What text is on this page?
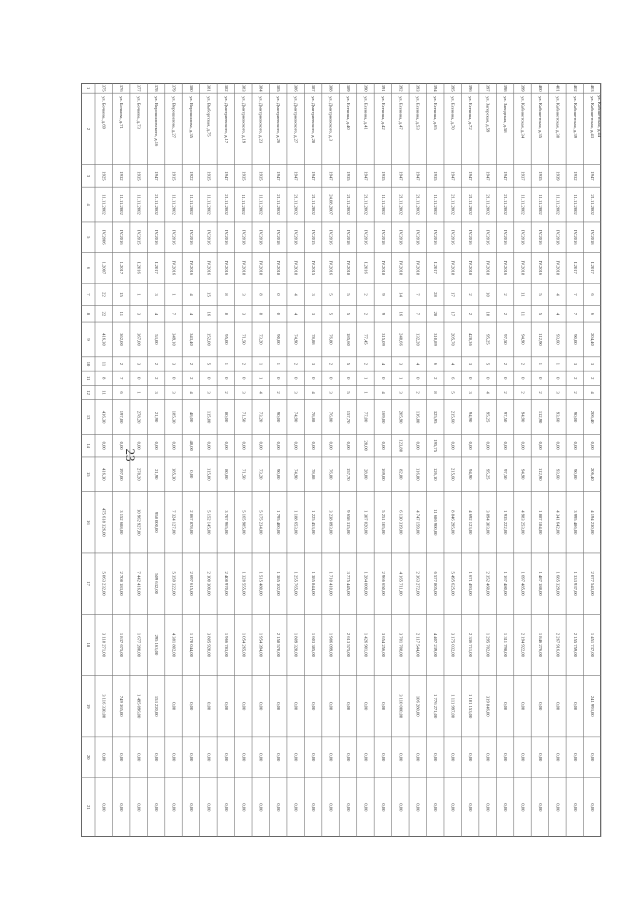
23
1
2
3
4
5
6
7
8
9
10
11
12
13
14
15
16
17
18
19
20
21
375
ул. Бочкова, д.69
1925
11.11.2002
IV.2006
1.2007
22
22
416,30
11
8
11
416,30
0,00
416,30
475 618 326,00
5 063 232,00
3 118 271,00
3 116 330,00
0,00
0,00
376
ул. Бочкова, д.71
1932
11.11.2002
IV.2016
1.2017
15
11
362,00
2
7
6
197,00
0,00
197,00
3 152 688,00
2 708 183,00
1 837 675,00
749 365,00
0,00
0,00
377
ул. Бочкова, д.73
1935
11.11.2002
IV.2015
I.2016
1
3
367,00
3
0
1
278,20
0,00
278,20
10 962 927,00
7 442 416,00
1 677 200,00
1 495 096,00
0,00
0,00
378
ул. Ворошиловского, д.16
1947
21.11.2002
IV.2016
I.2017
3
4
53,00
2
2
3
21,90
0,00
21,90
958 000,00
509 632,00
295 163,00
153 220,00
0,00
0,00
379
ул. Ворошилова, д.27
1915
11.11.2002
IV.2016
IV.2016
1
7
349,10
3
0
3
185,30
0,00
185,30
7 324 127,00
5 359 322,00
4 381 802,00
0,00
0,00
0,00
380
ул. Ворошилова, д.35
1922
11.11.2002
IV.2016
IV.2016
4
4
343,40
2
2
4
48,00
48,00
0,00
2 867 878,00
2 697 615,00
1 170 044,00
0,00
0,00
0,00
381
ул. Выборгская, д.75
1935
11.11.2002
IV.2016
IV.2016
15
16
152,00
5
0
3
115,00
0,00
115,00
5 152 145,00
2 100 300,00
3 805 920,00
0,00
0,00
0,00
382
ул. Дмитриевского, д.17
1947
21.11.2002
IV.2016
IV.2016
8
8
95,00
1
0
2
80,00
0,00
80,00
3 707 965,00
2 408 970,00
1 966 783,00
0,00
0,00
0,00
383
ул. Дмитриевского, д.19
1935
11.11.2002
IV.2018
IV.2018
3
3
71,50
2
0
3
71,50
0,00
71,50
5 165 985,00
1 328 555,00
1 054 265,00
0,00
0,00
0,00
384
ул. Дмитриевского, д.23
1935
11.11.2002
IV.2018
IV.2018
8
8
73,20
1
1
4
73,20
0,00
73,20
5 175 234,00
1 515 480,00
1 954 394,00
0,00
0,00
0,00
385
ул. Дмитриевского, д.26
1947
21.11.2002
IV.2018
IV.2018
0
0
90,00
1
0
2
90,00
0,00
90,00
1 795 400,00
1 385 102,00
2 158 570,00
0,00
0,00
0,00
386
ул. Дмитриевского, д.27
1947
21.11.2002
IV.2018
IV.2018
4
4
74,90
2
0
3
74,90
0,00
74,90
1 188 653,00
1 255 765,00
1 809 328,00
0,00
0,00
0,00
387
ул. Дмитриевского, д.28
1947
21.11.2002
IV.2015
IV.2015
3
3
78,88
3
0
4
78,88
0,00
78,88
1 225 453,00
1 385 844,00
1 603 385,00
0,00
0,00
0,00
388
ул. Дмитриевского, д.3
1947
24.08.2007
IV.2016
IV.2016
5
5
76,80
2
0
3
76,80
0,00
76,80
3 238 893,00
1 710 410,00
1 986 099,00
0,00
0,00
0,00
389
ул. Есенина, д.40
1935
21.11.2002
IV.2018
IV.2018
5
5
185,60
5
0
5
157,70
0,00
157,70
9 658 315,00
3 775 445,00
2 613 575,00
0,00
0,00
0,00
390
ул. Есенина, д.41
1947
21.11.2002
IV.2016
I.2016
2
2
77,45
2
1
1
77,00
28,00
28,00
1 307 020,00
1 284 000,00
1 426 901,00
0,00
0,00
0,00
391
ул. Есенина, д.42
1935
11.11.2002
IV.2018
IV.2018
9
9
315,09
4
0
4
169,00
0,00
169,00
5 251 105,00
2 966 650,00
3 654 256,00
0,00
0,00
0,00
392
ул. Есенина, д.47
1947
21.11.2002
IV.2018
IV.2018
14
16
248,66
3
1
3
205,90
123,80
82,80
6 130 319,00
4 165 711,00
3 701 708,00
3 110 000,00
0,00
0,00
393
ул. Есенина, д.53
1947
21.11.2002
IV.2018
IV.2018
7
7
132,20
4
0
2
116,80
0,00
116,80
4 747 159,00
2 363 272,00
2 117 544,00
106 280,00
0,00
0,00
394
ул. Есенина, д.65
1935
11.11.2002
IV.2016
I.2017
28
28
310,89
6
2
8
325,95
195,75
126,10
11 686 900,00
6 577 805,00
4 407 239,00
1 776 271,00
0,00
0,00
395
ул. Есенина, д.70
1947
21.11.2002
IV.2016
IV.2018
17
17
205,70
4
6
5
215,60
0,00
215,60
8 846 295,00
5 495 625,00
3 175 032,00
1 111 997,00
0,00
0,00
396
ул. Есенина, д.72
1947
21.11.2002
IV.2016
IV.2018
2
2
428,36
3
0
3
94,90
0,00
94,90
4 692 123,00
1 671 493,00
2 336 711,00
1 101 153,00
0,00
0,00
397
ул. Загорская, д.59
1947
21.11.2002
IV.2016
IV.2018
10
10
95,25
5
0
4
95,25
0,00
95,25
3 894 303,00
2 352 460,00
1 295 702,00
319 846,00
0,00
0,00
398
ул. Заводская, д.58
1947
21.11.2002
IV.2016
IV.2016
2
2
97,50
2
0
2
97,50
0,00
97,50
1 935 222,00
1 167 480,00
1 311 798,00
0,00
0,00
0,00
399
ул. Кабинетская, д.34
1937
11.11.2002
IV.2018
IV.2018
11
11
94,90
2
0
2
94,90
0,00
94,90
4 983 253,00
1 697 485,00
2 194 922,00
0,00
0,00
0,00
400
ул. Кабинетская, д.35
1935
11.11.2002
IV.2016
IV.2016
5
5
112,90
1
0
2
112,90
0,00
112,90
1 887 184,00
1 487 188,00
1 846 276,00
0,00
0,00
0,00
401
ул. Кабинетская, д.38
1939
11.11.2002
IV.2018
IV.2018
4
4
93,60
1
0
3
93,60
0,00
93,60
4 341 642,00
1 685 329,00
2 267 916,00
0,00
0,00
0,00
402
ул. Кабинетская, д.39
1932
11.11.2002
IV.2016
I.2017
7
7
90,00
3
2
2
90,00
0,00
90,00
3 995 486,00
1 333 937,00
2 155 759,00
0,00
0,00
0,00
403
ул. Кабинетская, д.43
1947
21.11.2002
IV.2018
I.2017
6
6
204,40
3
2
4
206,40
0,00
206,40
4 194 230,00
2 077 543,00
1 451 737,00
241 993,00
0,00
0,00
ул. Кабинетская, д.44
